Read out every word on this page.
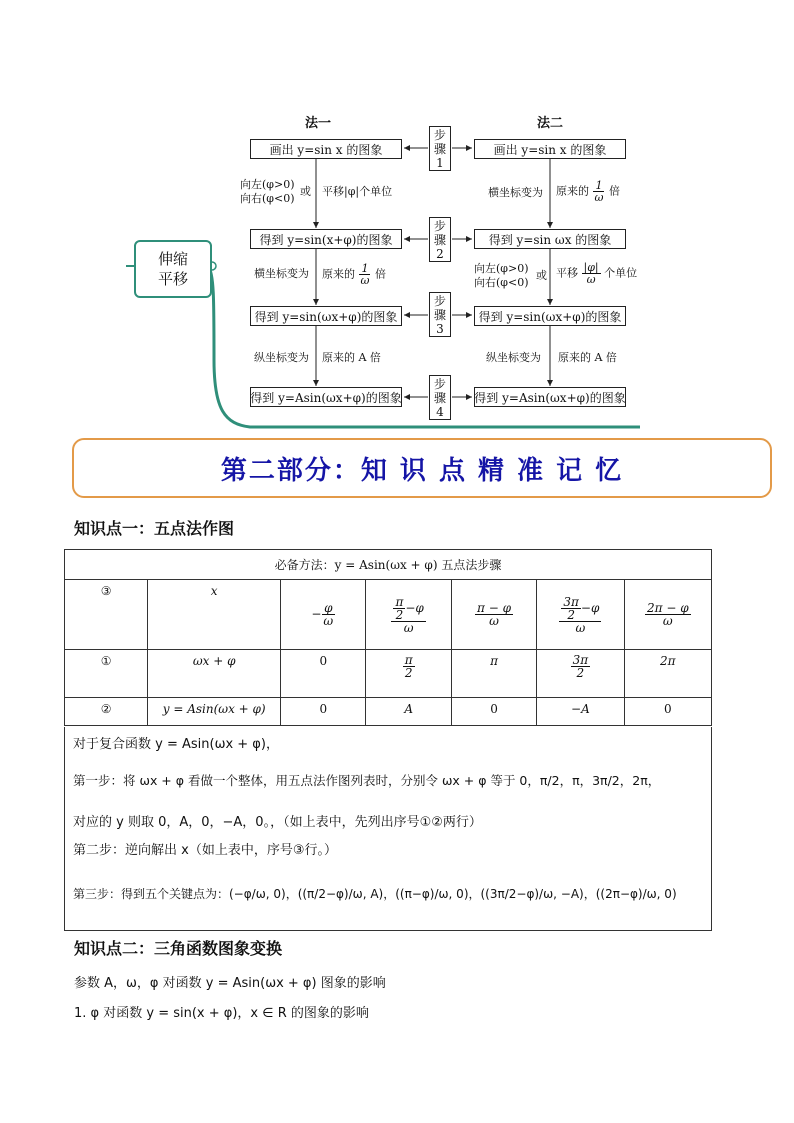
法一	法二
画出 y=sin x 的图象
得到 y=sin(x+φ)的图象
得到 y=sin(ωx+φ)的图象
得到 y=Asin(ωx+φ)的图象
画出 y=sin x 的图象
得到 y=sin ωx 的图象
得到 y=sin(ωx+φ)的图象
得到 y=Asin(ωx+φ)的图象
步
骤
1
步
骤
2
步
骤
3
步
骤
4
向左(φ>0)
向右(φ<0)
或 平移|φ|个单位
横坐标变为 原来的 $\frac{1}{\omega}$ 倍
纵坐标变为 原来的 A 倍
横坐标变为 原来的 $\frac{1}{\omega}$ 倍
向左(φ>0)
向右(φ<0)
或 平移 $\frac{|\varphi|}{\omega}$ 个单位
纵坐标变为 原来的 A 倍
伸缩
平移
第二部分：知 识 点 精 准 记 忆
知识点一：五点法作图
必备方法：y = Asin(ωx + φ) 五点法步骤						
③	x	− $\frac{\varphi}{\omega}$	$\frac{\frac{\pi}{2} -\varphi}{\omega}$	$\frac{\pi - \varphi}{\omega}$	$\frac{\frac{3\pi}{2} -\varphi}{\omega}$	$\frac{2\pi - \varphi}{\omega}$

①	ωx + φ	0	$\frac{\pi}{2}$	π	$\frac{3\pi}{2}$	2π
②	y = Asin(ωx + φ)	0	A	0	−A	0
对于复合函数 y = Asin(ωx + φ)，
第一步：将 ωx + φ 看做一个整体，用五点法作图列表时，分别令 ωx + φ 等于 0，π/2，π，3π/2，2π，
对应的 y 则取 0，A，0，−A，0。，（如上表中，先列出序号①②两行）
第二步：逆向解出 x（如上表中，序号③行。）
第三步：得到五个关键点为：(−φ/ω, 0)，((π/2−φ)/ω, A)，((π−φ)/ω, 0)，((3π/2−φ)/ω, −A)，((2π−φ)/ω, 0)
知识点二：三角函数图象变换
参数 A，ω，φ 对函数 y = Asin(ωx + φ) 图象的影响
1. φ 对函数 y = sin(x + φ)，x ∈ R 的图象的影响
